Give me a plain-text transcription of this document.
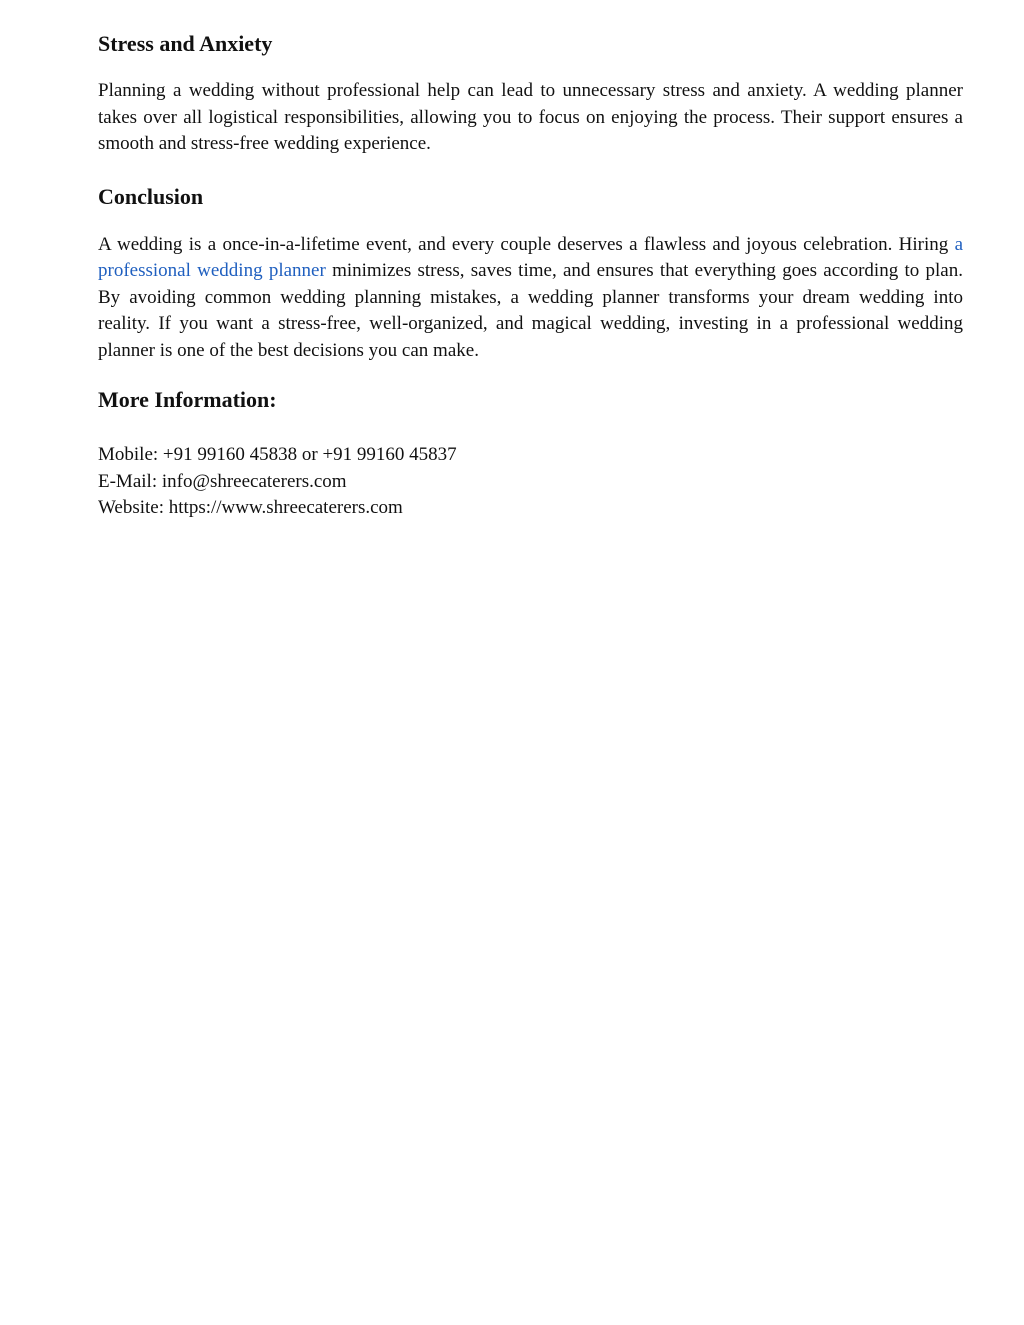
Stress and Anxiety

Planning a wedding without professional help can lead to unnecessary stress and anxiety. A wedding planner takes over all logistical responsibilities, allowing you to focus on enjoying the process. Their support ensures a smooth and stress-free wedding experience.

Conclusion

A wedding is a once-in-a-lifetime event, and every couple deserves a flawless and joyous celebration. Hiring a professional wedding planner minimizes stress, saves time, and ensures that everything goes according to plan. By avoiding common wedding planning mistakes, a wedding planner transforms your dream wedding into reality. If you want a stress-free, well-organized, and magical wedding, investing in a professional wedding planner is one of the best decisions you can make.

More Information:
Mobile: +91 99160 45838 or +91 99160 45837
E-Mail: info@shreecaterers.com
Website: https://www.shreecaterers.com
